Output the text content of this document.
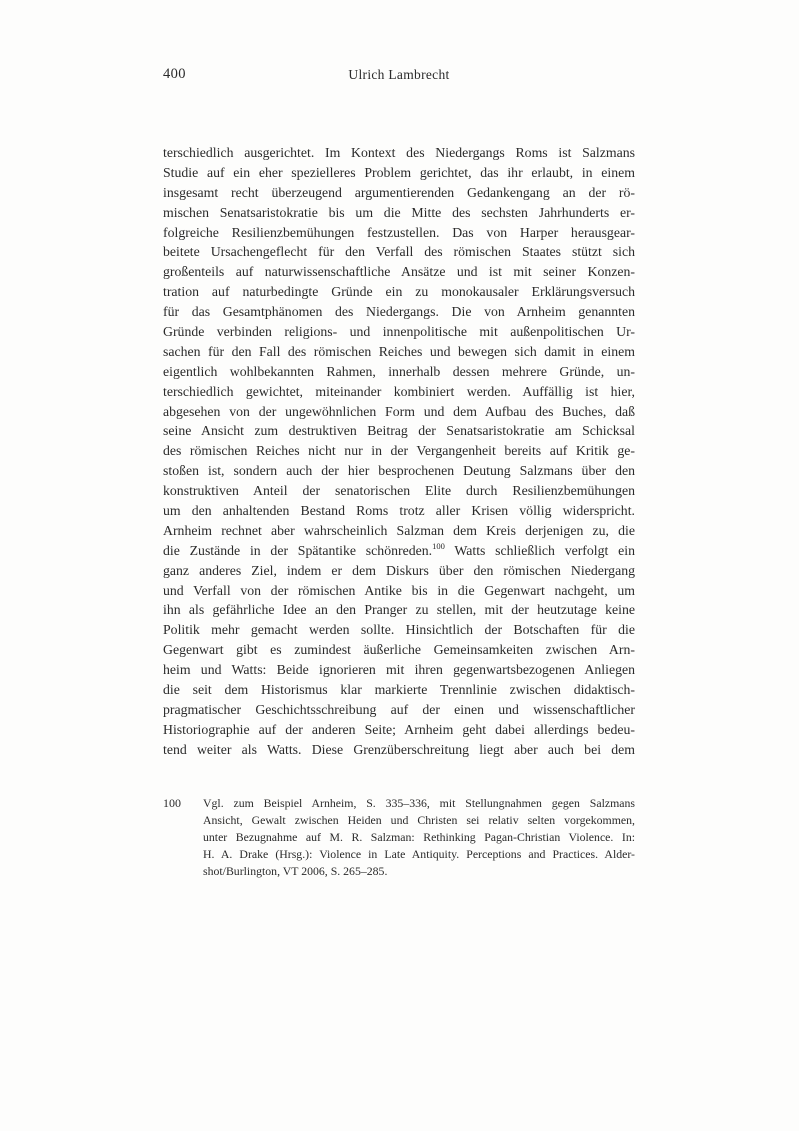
400	Ulrich Lambrecht
terschiedlich ausgerichtet. Im Kontext des Niedergangs Roms ist Salzmans
Studie auf ein eher spezielleres Problem gerichtet, das ihr erlaubt, in einem
insgesamt recht überzeugend argumentierenden Gedankengang an der rö-
mischen Senatsaristokratie bis um die Mitte des sechsten Jahrhunderts er-
folgreiche Resilienzbemühungen festzustellen. Das von Harper herausgear-
beitete Ursachengeflecht für den Verfall des römischen Staates stützt sich
großenteils auf naturwissenschaftliche Ansätze und ist mit seiner Konzen-
tration auf naturbedingte Gründe ein zu monokausaler Erklärungsversuch
für das Gesamtphänomen des Niedergangs. Die von Arnheim genannten
Gründe verbinden religions- und innenpolitische mit außenpolitischen Ur-
sachen für den Fall des römischen Reiches und bewegen sich damit in einem
eigentlich wohlbekannten Rahmen, innerhalb dessen mehrere Gründe, un-
terschiedlich gewichtet, miteinander kombiniert werden. Auffällig ist hier,
abgesehen von der ungewöhnlichen Form und dem Aufbau des Buches, daß
seine Ansicht zum destruktiven Beitrag der Senatsaristokratie am Schicksal
des römischen Reiches nicht nur in der Vergangenheit bereits auf Kritik ge-
stoßen ist, sondern auch der hier besprochenen Deutung Salzmans über den
konstruktiven Anteil der senatorischen Elite durch Resilienzbemühungen
um den anhaltenden Bestand Roms trotz aller Krisen völlig widerspricht.
Arnheim rechnet aber wahrscheinlich Salzman dem Kreis derjenigen zu, die
die Zustände in der Spätantike schönreden.$^{100}$ Watts schließlich verfolgt ein
ganz anderes Ziel, indem er dem Diskurs über den römischen Niedergang
und Verfall von der römischen Antike bis in die Gegenwart nachgeht, um
ihn als gefährliche Idee an den Pranger zu stellen, mit der heutzutage keine
Politik mehr gemacht werden sollte. Hinsichtlich der Botschaften für die
Gegenwart gibt es zumindest äußerliche Gemeinsamkeiten zwischen Arn-
heim und Watts: Beide ignorieren mit ihren gegenwartsbezogenen Anliegen
die seit dem Historismus klar markierte Trennlinie zwischen didaktisch-
pragmatischer Geschichtsschreibung auf der einen und wissenschaftlicher
Historiographie auf der anderen Seite; Arnheim geht dabei allerdings bedeu-
tend weiter als Watts. Diese Grenzüberschreitung liegt aber auch bei dem
100 Vgl. zum Beispiel Arnheim, S. 335–336, mit Stellungnahmen gegen Salzmans
Ansicht, Gewalt zwischen Heiden und Christen sei relativ selten vorgekommen,
unter Bezugnahme auf M. R. Salzman: Rethinking Pagan-Christian Violence. In:
H. A. Drake (Hrsg.): Violence in Late Antiquity. Perceptions and Practices. Alder-
shot/Burlington, VT 2006, S. 265–285.
